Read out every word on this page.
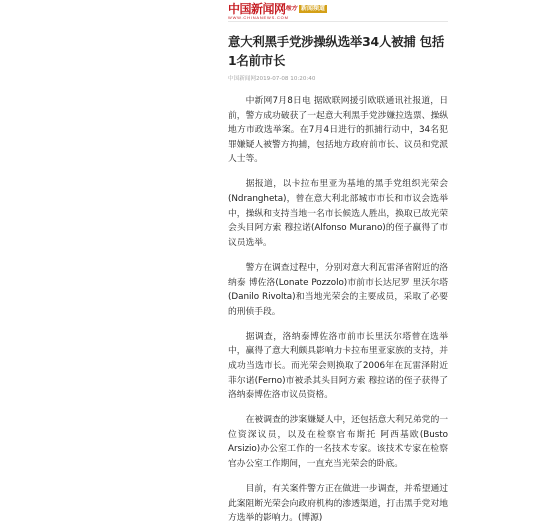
中国新闻网
WWW.CHINANEWS.COM
地方 新闻频道
意大利黑手党涉操纵选举34人被捕 包括1名前市长
中国新闻网2019-07-08 10:20:40

中新网7月8日电 据欧联网援引欧联通讯社报道，日前，警方成功破获了一起意大利黑手党涉嫌拉选票、操纵地方市政选举案。在7月4日进行的抓捕行动中，34名犯罪嫌疑人被警方拘捕，包括地方政府前市长、议员和党派人士等。

据报道，以卡拉布里亚为基地的黑手党组织光荣会(Ndrangheta)，曾在意大利北部城市市长和市议会选举中，操纵和支持当地一名市长候选人胜出，换取已故光荣会头目阿方索 穆拉诺(Alfonso Murano)的侄子赢得了市议员选举。

警方在调查过程中，分别对意大利瓦雷泽省附近的洛纳泰 博佐洛(Lonate Pozzolo)市前市长达尼罗 里沃尔塔(Danilo Rivolta)和当地光荣会的主要成员，采取了必要的刑侦手段。

据调查，洛纳泰博佐洛市前市长里沃尔塔曾在选举中，赢得了意大利颇具影响力卡拉布里亚家族的支持，并成功当选市长。而光荣会则换取了2006年在瓦雷泽附近菲尔诺(Ferno)市被杀其头目阿方索 穆拉诺的侄子获得了洛纳泰博佐洛市议员资格。

在被调查的涉案嫌疑人中，还包括意大利兄弟党的一位资深议员，以及在检察官布斯托 阿西基欧(Busto Arsizio)办公室工作的一名技术专家。该技术专家在检察官办公室工作期间，一直充当光荣会的卧底。

目前，有关案件警方正在做进一步调查，并希望通过此案阻断光荣会向政府机构的渗透渠道，打击黑手党对地方选举的影响力。(博源)
